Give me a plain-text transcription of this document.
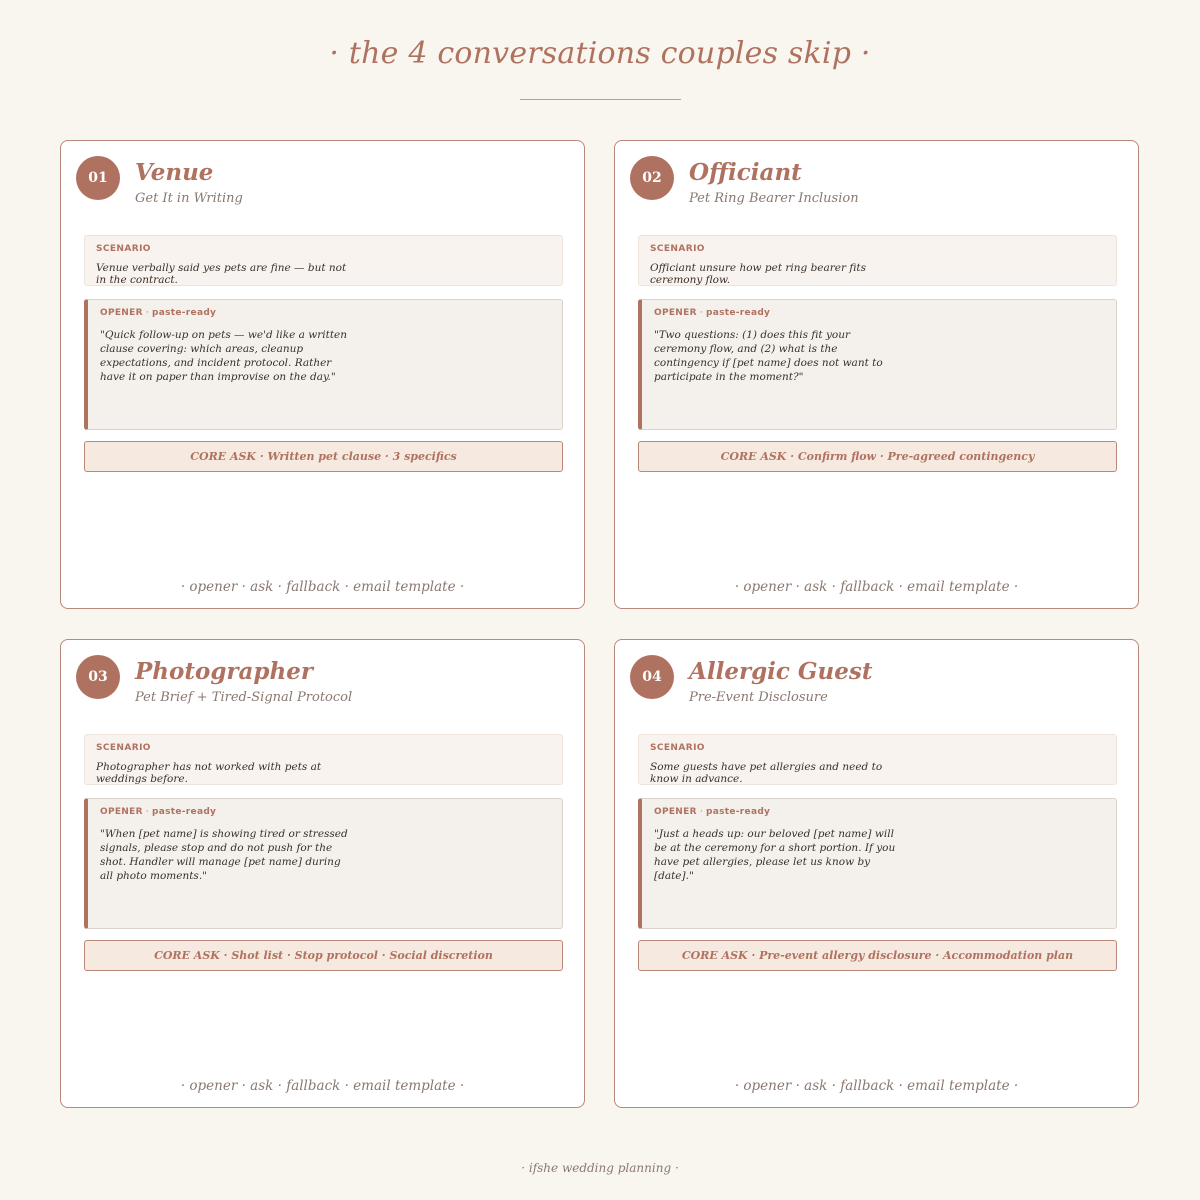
· the 4 conversations couples skip ·
01	Venue
Get It in Writing
SCENARIO
Venue verbally said yes pets are fine — but not in the contract.
OPENER · paste-ready
"Quick follow-up on pets — we'd like a written clause covering: which areas, cleanup expectations, and incident protocol. Rather have it on paper than improvise on the day."
CORE ASK · Written pet clause · 3 specifics
· opener · ask · fallback · email template ·
02	Officiant
Pet Ring Bearer Inclusion
SCENARIO
Officiant unsure how pet ring bearer fits ceremony flow.
OPENER · paste-ready
"Two questions: (1) does this fit your ceremony flow, and (2) what is the contingency if [pet name] does not want to participate in the moment?"
CORE ASK · Confirm flow · Pre-agreed contingency
· opener · ask · fallback · email template ·
03	Photographer
Pet Brief + Tired-Signal Protocol
SCENARIO
Photographer has not worked with pets at weddings before.
OPENER · paste-ready
"When [pet name] is showing tired or stressed signals, please stop and do not push for the shot. Handler will manage [pet name] during all photo moments."
CORE ASK · Shot list · Stop protocol · Social discretion
· opener · ask · fallback · email template ·
04	Allergic Guest
Pre-Event Disclosure
SCENARIO
Some guests have pet allergies and need to know in advance.
OPENER · paste-ready
"Just a heads up: our beloved [pet name] will be at the ceremony for a short portion. If you have pet allergies, please let us know by [date]."
CORE ASK · Pre-event allergy disclosure · Accommodation plan
· opener · ask · fallback · email template ·
· ifshe wedding planning ·
